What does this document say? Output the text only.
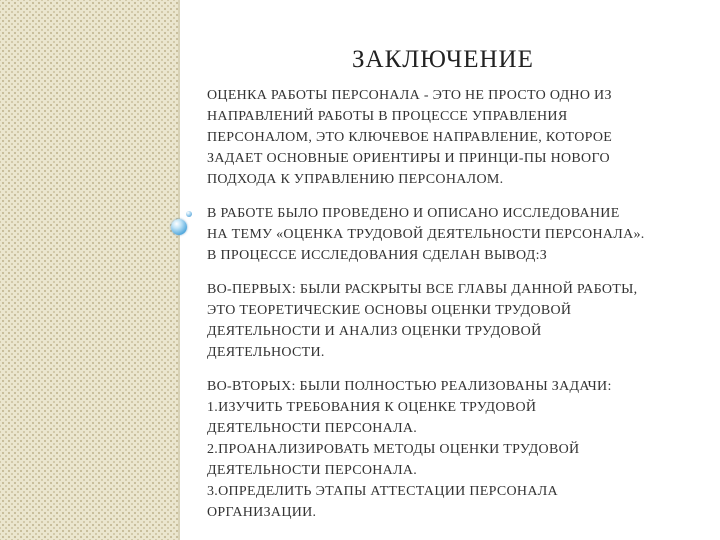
ЗАКЛЮЧЕНИЕ

ОЦЕНКА РАБОТЫ ПЕРСОНАЛА - ЭТО НЕ ПРОСТО ОДНО ИЗ
НАПРАВЛЕНИЙ РАБОТЫ В ПРОЦЕССЕ УПРАВЛЕНИЯ
ПЕРСОНАЛОМ, ЭТО КЛЮЧЕВОЕ НАПРАВЛЕНИЕ, КОТОРОЕ
ЗАДАЕТ ОСНОВНЫЕ ОРИЕНТИРЫ И ПРИНЦИ-ПЫ НОВОГО
ПОДХОДА К УПРАВЛЕНИЮ ПЕРСОНАЛОМ.

В РАБОТЕ БЫЛО ПРОВЕДЕНО И ОПИСАНО ИССЛЕДОВАНИЕ
НА ТЕМУ «ОЦЕНКА ТРУДОВОЙ ДЕЯТЕЛЬНОСТИ ПЕРСОНАЛА».
В ПРОЦЕССЕ ИССЛЕДОВАНИЯ СДЕЛАН ВЫВОД:З

ВО-ПЕРВЫХ: БЫЛИ РАСКРЫТЫ ВСЕ ГЛАВЫ ДАННОЙ РАБОТЫ,
ЭТО ТЕОРЕТИЧЕСКИЕ ОСНОВЫ ОЦЕНКИ ТРУДОВОЙ
ДЕЯТЕЛЬНОСТИ И АНАЛИЗ ОЦЕНКИ ТРУДОВОЙ
ДЕЯТЕЛЬНОСТИ.

ВО-ВТОРЫХ: БЫЛИ ПОЛНОСТЬЮ РЕАЛИЗОВАНЫ ЗАДАЧИ:
1.ИЗУЧИТЬ ТРЕБОВАНИЯ К ОЦЕНКЕ ТРУДОВОЙ
ДЕЯТЕЛЬНОСТИ ПЕРСОНАЛА.
2.ПРОАНАЛИЗИРОВАТЬ МЕТОДЫ ОЦЕНКИ ТРУДОВОЙ
ДЕЯТЕЛЬНОСТИ ПЕРСОНАЛА.
3.ОПРЕДЕЛИТЬ ЭТАПЫ АТТЕСТАЦИИ ПЕРСОНАЛА
ОРГАНИЗАЦИИ.
